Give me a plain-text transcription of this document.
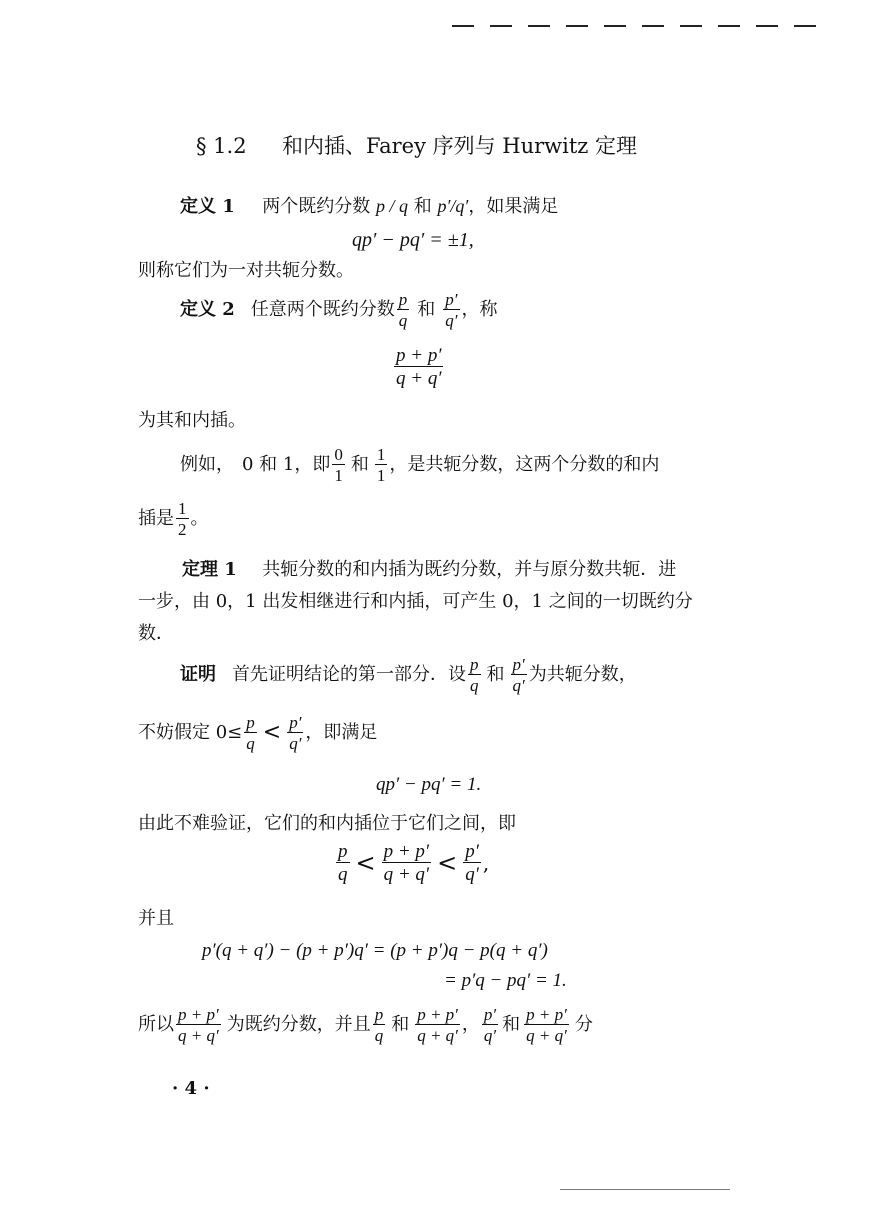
§ 1.2 和内插、Farey 序列与 Hurwitz 定理
定义 1 两个既约分数 p / q 和 p′/q′，如果满足
qp′ − pq′ = ±1,
则称它们为一对共轭分数。
定义 2 任意两个既约分数 $\frac{p}{q}$ 和 $\frac{p'}{q'}$ ，称
$\frac{p + p'}{q + q'}$
为其和内插。
例如， 0 和 1，即 $\frac{0}{1}$ 和 $\frac{1}{1}$ ，是共轭分数，这两个分数的和内
插是 $\frac{1}{2}$ 。
定理 1 共轭分数的和内插为既约分数，并与原分数共轭．进
一步，由 0，1 出发相继进行和内插，可产生 0，1 之间的一切既约分
数．
证明 首先证明结论的第一部分．设 $\frac{p}{q}$ 和 $\frac{p'}{q'}$ 为共轭分数，
不妨假定 $0\le \frac{p}{q} < \frac{p'}{q'}$ ，即满足
qp′ − pq′ = 1.
由此不难验证，它们的和内插位于它们之间，即
$\frac{p}{q} < \frac{p + p'}{q + q'} < \frac{p'}{q'}$ ,
并且
p′(q + q′) − (p + p′)q′ = (p + p′)q − p(q + q′)
= p′q − pq′ = 1.
所以 $\frac{p + p'}{q + q'}$ 为既约分数，并且 $\frac{p}{q}$ 和 $\frac{p + p'}{q + q'}$ ， $\frac{p'}{q'}$ 和 $\frac{p + p'}{q + q'}$ 分
· 4 ·
